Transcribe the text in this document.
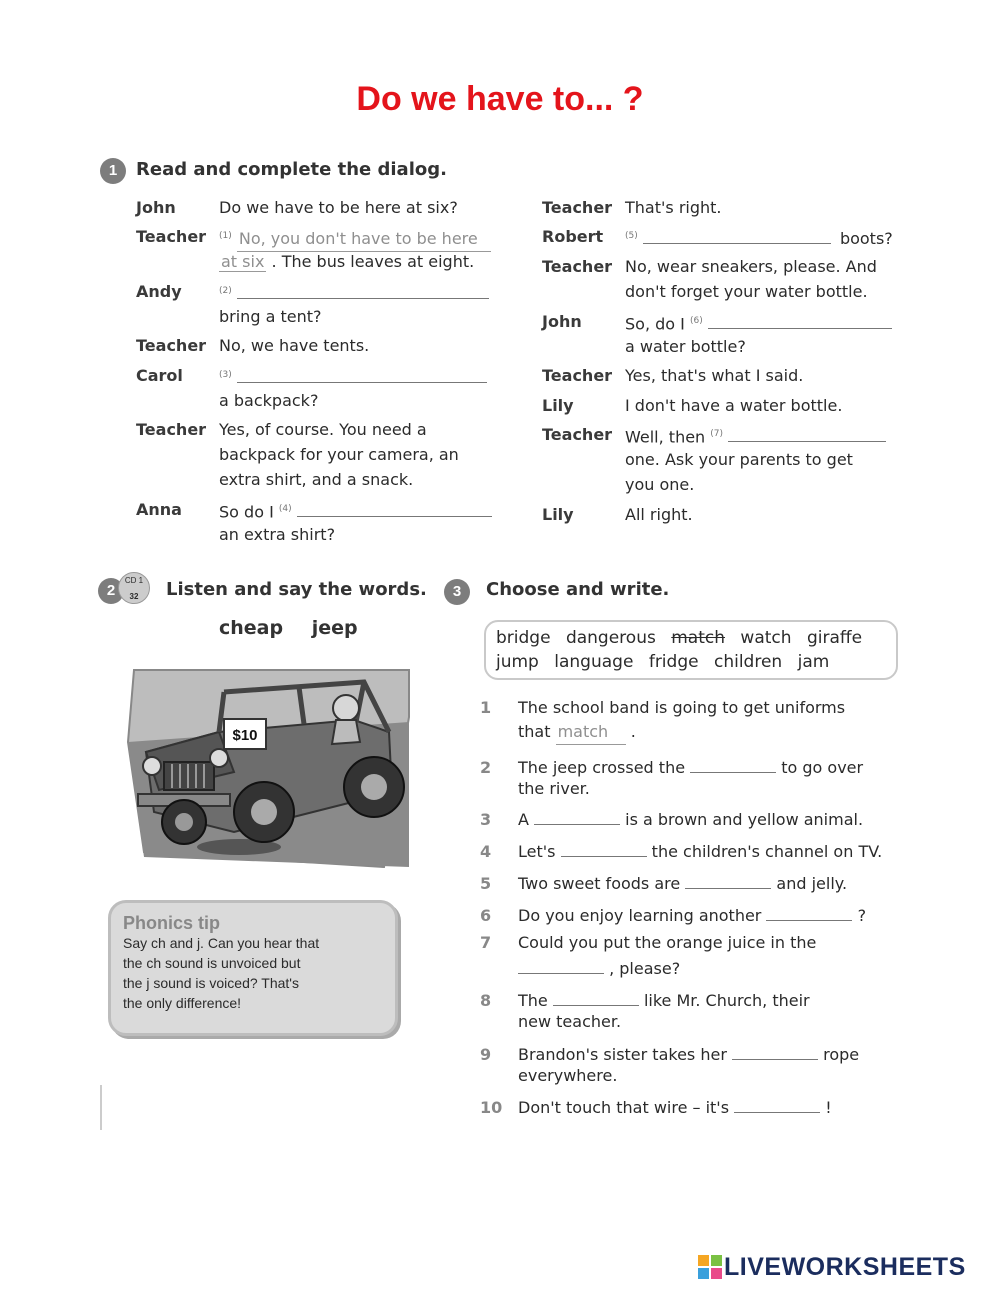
Do we have to... ?
1	Read and complete the dialog.
John	Do we have to be here at six?
Teacher $^{(1)}$ No, you don't have to be here
at six . The bus leaves at eight.
Andy	$^{(2)}$
bring a tent?
Teacher No, we have tents.
Carol	$^{(3)}$
a backpack?
Teacher Yes, of course. You need a
backpack for your camera, an
extra shirt, and a snack.
Anna So do I $^{(4)}$
an extra shirt?
Teacher That's right.
Robert $^{(5)}$	boots?
Teacher No, wear sneakers, please. And
don't forget your water bottle.
John	So, do I $^{(6)}$
a water bottle?
Teacher Yes, that's what I said.
Lily	I don't have a water bottle.
Teacher Well, then $^{(7)}$
one. Ask your parents to get
you one.
Lily	All right.
2
CD 1
32	Listen and say the words.
cheap jeep
$10
Phonics tip
Say ch and j. Can you hear that
the ch sound is unvoiced but
the j sound is voiced? That's
the only difference!
3	Choose and write.
bridge dangerous match watch giraffe
jump language fridge children jam
1 The school band is going to get uniforms
that match .
2 The jeep crossed the	to go over
the river.
3 A	is a brown and yellow animal.
4 Let's	the children's channel on TV.
5 Two sweet foods are	and jelly.
6 Do you enjoy learning another	?
7 Could you put the orange juice in the
, please?
8 The	like Mr. Church, their
new teacher.
9 Brandon's sister takes her	rope
everywhere.
10 Don't touch that wire – it's	!
LIVEWORKSHEETS
